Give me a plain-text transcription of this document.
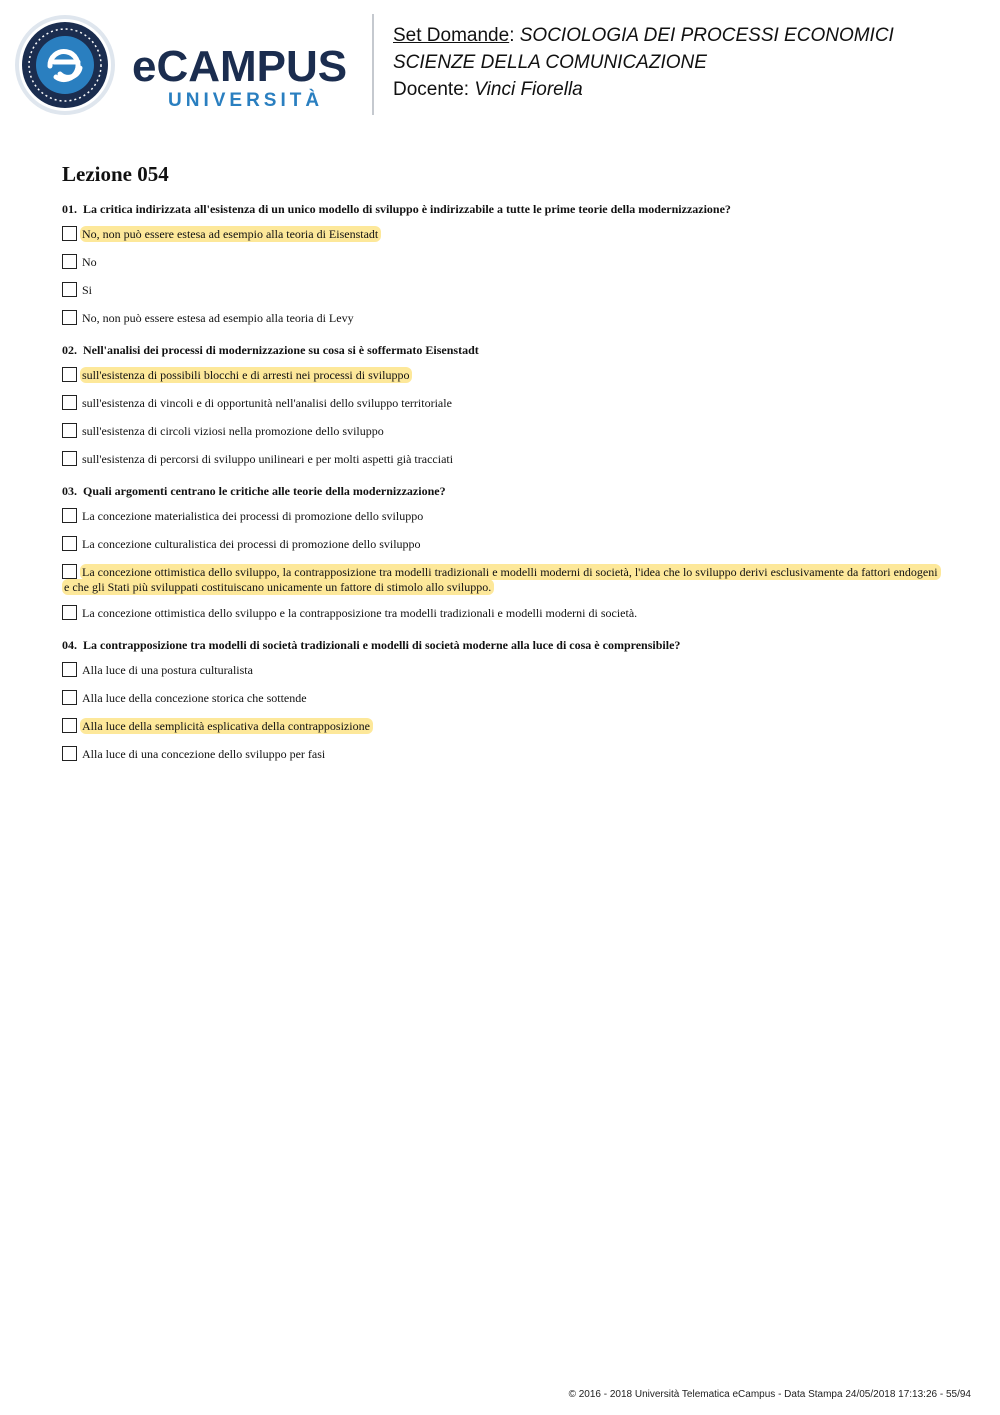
eCAMPUS
UNIVERSITÀ
Set Domande: SOCIOLOGIA DEI PROCESSI ECONOMICI
SCIENZE DELLA COMUNICAZIONE
Docente: Vinci Fiorella
Lezione 054
01. La critica indirizzata all'esistenza di un unico modello di sviluppo è indirizzabile a tutte le prime teorie della modernizzazione?
No, non può essere estesa ad esempio alla teoria di Eisenstadt
No
Si
No, non può essere estesa ad esempio alla teoria di Levy
02. Nell'analisi dei processi di modernizzazione su cosa si è soffermato Eisenstadt
sull'esistenza di possibili blocchi e di arresti nei processi di sviluppo
sull'esistenza di vincoli e di opportunità nell'analisi dello sviluppo territoriale
sull'esistenza di circoli viziosi nella promozione dello sviluppo
sull'esistenza di percorsi di sviluppo unilineari e per molti aspetti già tracciati
03. Quali argomenti centrano le critiche alle teorie della modernizzazione?
La concezione materialistica dei processi di promozione dello sviluppo
La concezione culturalistica dei processi di promozione dello sviluppo
La concezione ottimistica dello sviluppo, la contrapposizione tra modelli tradizionali e modelli moderni di società, l'idea che lo sviluppo derivi esclusivamente da fattori endogeni e che gli Stati più sviluppati costituiscano unicamente un fattore di stimolo allo sviluppo.
La concezione ottimistica dello sviluppo e la contrapposizione tra modelli tradizionali e modelli moderni di società.
04. La contrapposizione tra modelli di società tradizionali e modelli di società moderne alla luce di cosa è comprensibile?
Alla luce di una postura culturalista
Alla luce della concezione storica che sottende
Alla luce della semplicità esplicativa della contrapposizione
Alla luce di una concezione dello sviluppo per fasi
© 2016 - 2018 Università Telematica eCampus - Data Stampa 24/05/2018 17:13:26 - 55/94
